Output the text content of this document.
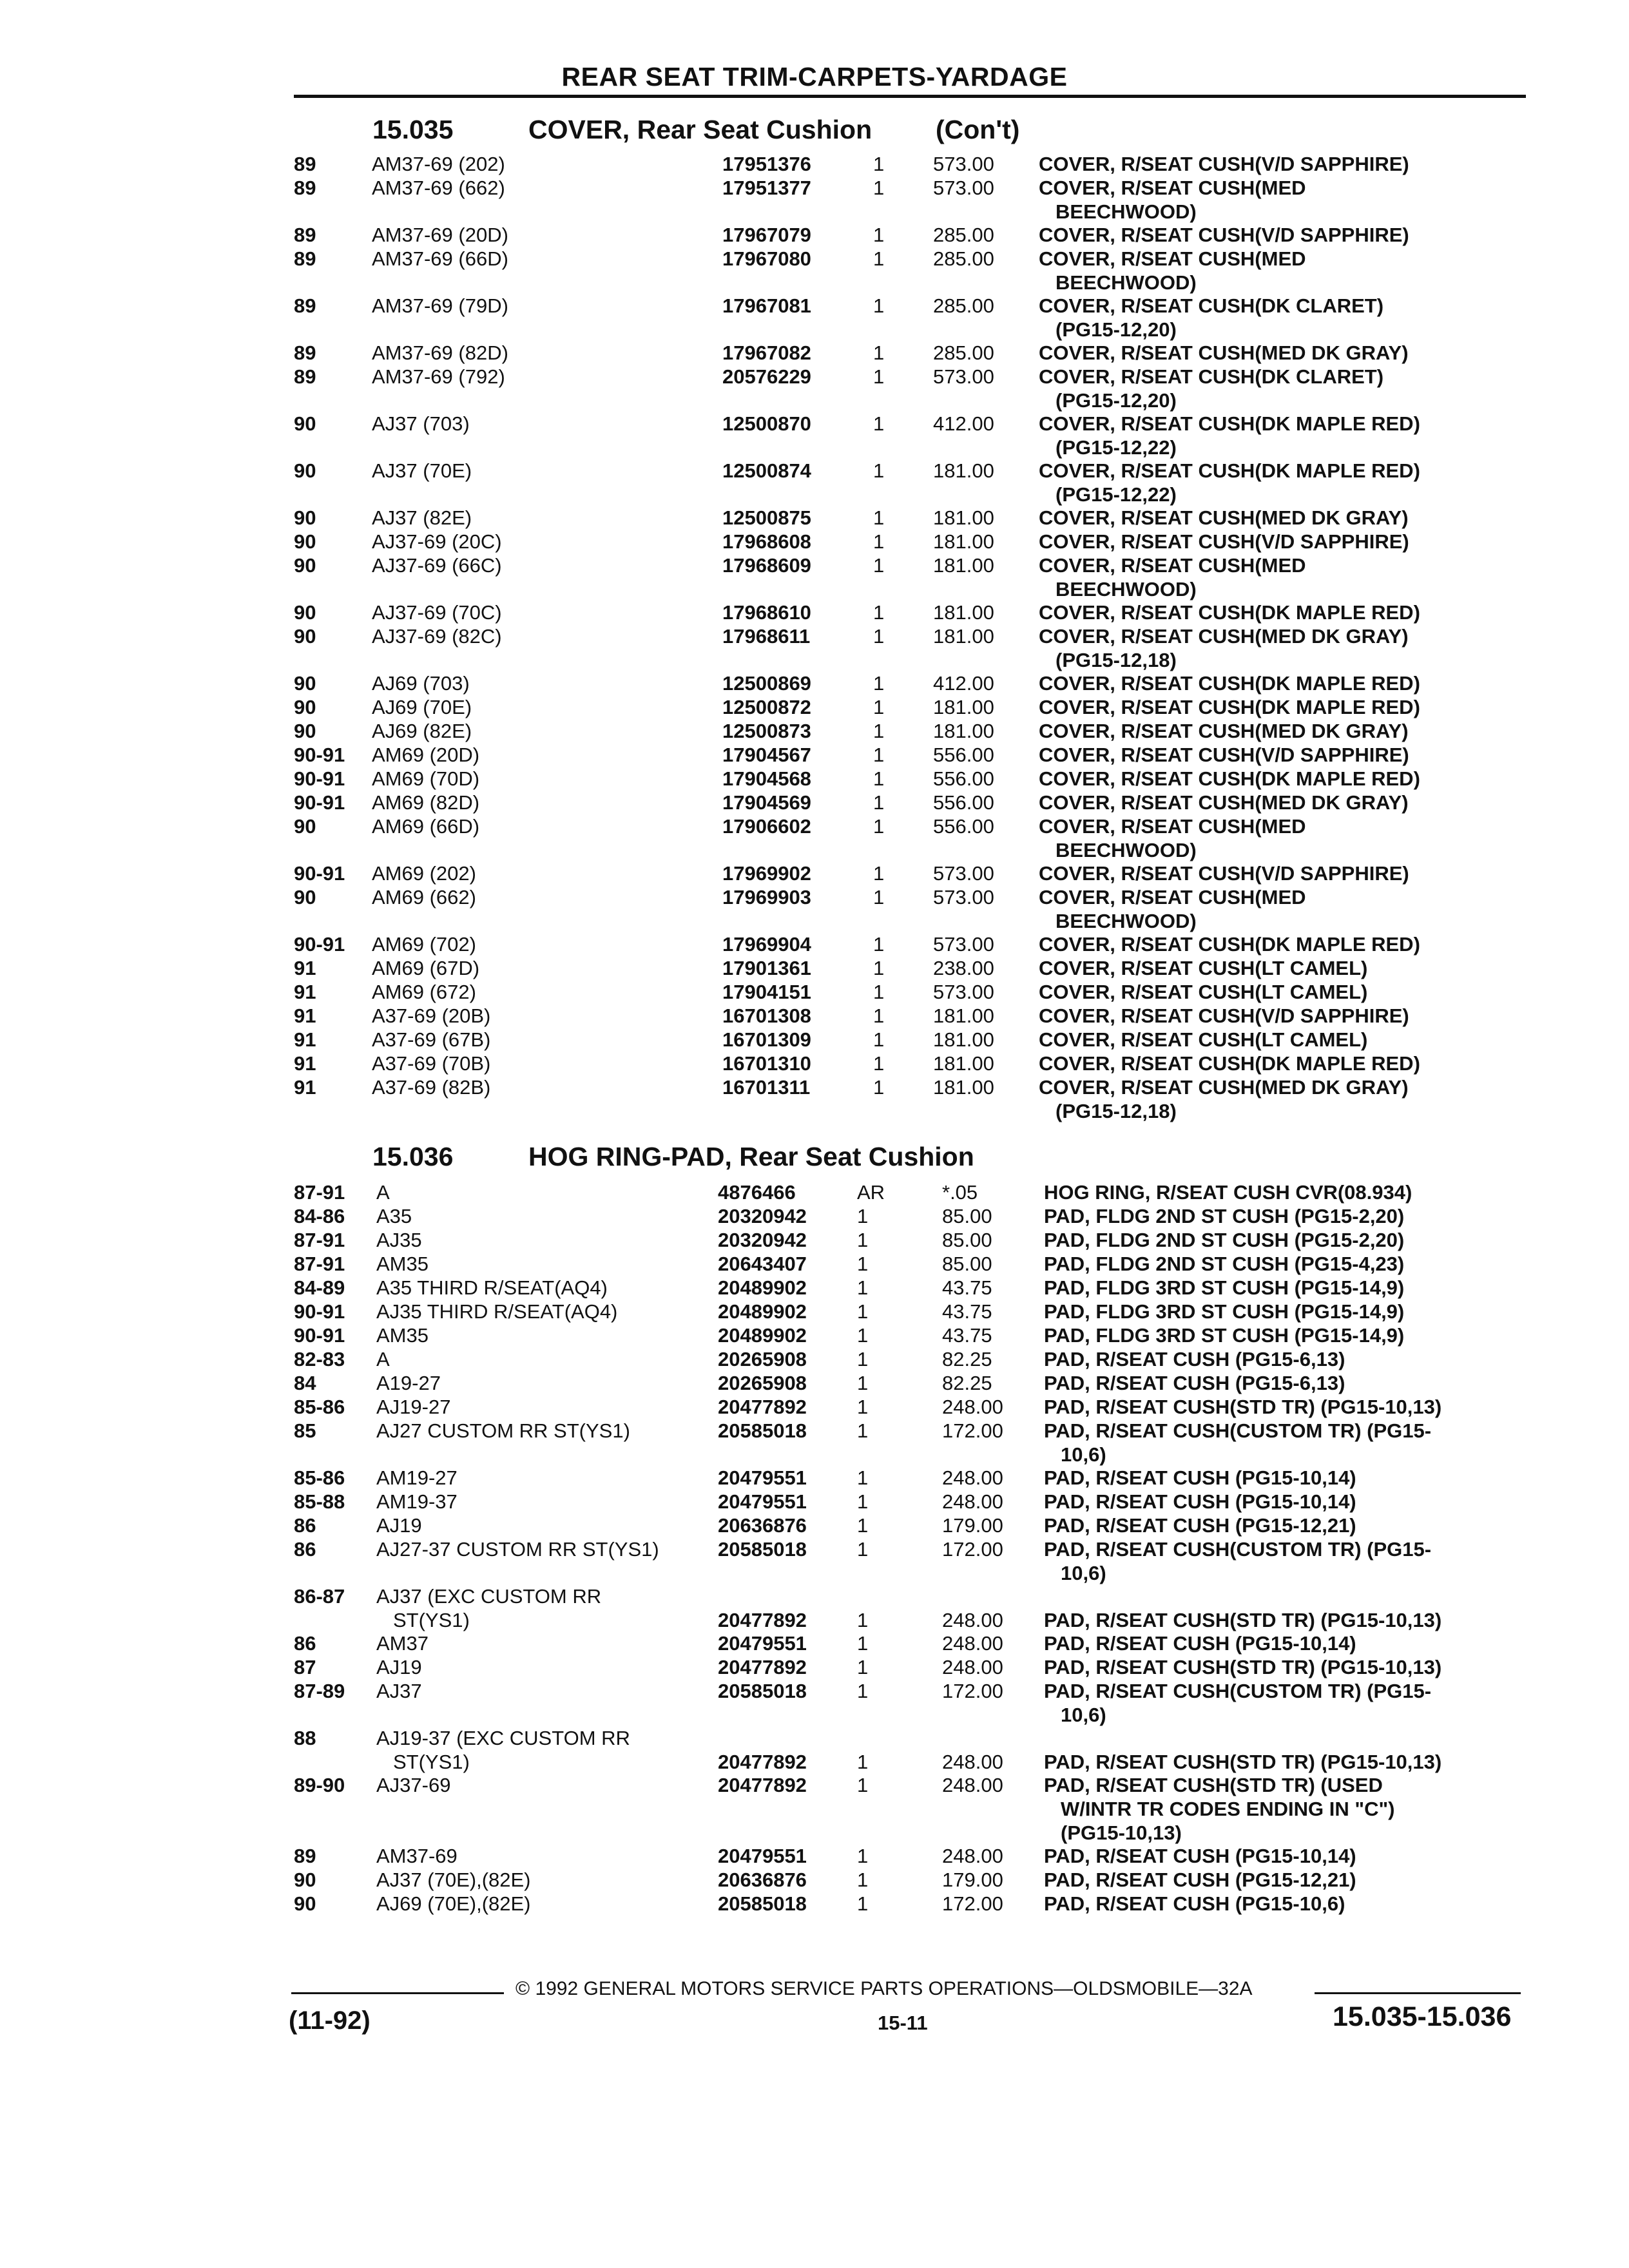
REAR SEAT TRIM-CARPETS-YARDAGE
15.035	COVER, Rear Seat Cushion (Con't)
89	AM37-69 (202)	17951376	1 573.00 COVER, R/SEAT CUSH(V/D SAPPHIRE)
89	AM37-69 (662)	17951377	1 573.00 COVER, R/SEAT CUSH(MED
BEECHWOOD)
89	AM37-69 (20D)	17967079	1 285.00 COVER, R/SEAT CUSH(V/D SAPPHIRE)
89	AM37-69 (66D)	17967080	1 285.00 COVER, R/SEAT CUSH(MED
BEECHWOOD)
89	AM37-69 (79D)	17967081	1 285.00 COVER, R/SEAT CUSH(DK CLARET)
(PG15-12,20)
89	AM37-69 (82D)	17967082	1 285.00 COVER, R/SEAT CUSH(MED DK GRAY)
89	AM37-69 (792)	20576229	1 573.00 COVER, R/SEAT CUSH(DK CLARET)
(PG15-12,20)
90	AJ37 (703)	12500870	1 412.00 COVER, R/SEAT CUSH(DK MAPLE RED)
(PG15-12,22)
90	AJ37 (70E)	12500874	1 181.00 COVER, R/SEAT CUSH(DK MAPLE RED)
(PG15-12,22)
90	AJ37 (82E)	12500875	1 181.00 COVER, R/SEAT CUSH(MED DK GRAY)
90	AJ37-69 (20C)	17968608	1 181.00 COVER, R/SEAT CUSH(V/D SAPPHIRE)
90	AJ37-69 (66C)	17968609	1 181.00 COVER, R/SEAT CUSH(MED
BEECHWOOD)
90	AJ37-69 (70C)	17968610	1 181.00 COVER, R/SEAT CUSH(DK MAPLE RED)
90	AJ37-69 (82C)	17968611	1 181.00 COVER, R/SEAT CUSH(MED DK GRAY)
(PG15-12,18)
90	AJ69 (703)	12500869	1 412.00 COVER, R/SEAT CUSH(DK MAPLE RED)
90	AJ69 (70E)	12500872	1 181.00 COVER, R/SEAT CUSH(DK MAPLE RED)
90	AJ69 (82E)	12500873	1 181.00 COVER, R/SEAT CUSH(MED DK GRAY)
90-91 AM69 (20D)	17904567	1 556.00 COVER, R/SEAT CUSH(V/D SAPPHIRE)
90-91 AM69 (70D)	17904568	1 556.00 COVER, R/SEAT CUSH(DK MAPLE RED)
90-91 AM69 (82D)	17904569	1 556.00 COVER, R/SEAT CUSH(MED DK GRAY)
90	AM69 (66D)	17906602	1 556.00 COVER, R/SEAT CUSH(MED
BEECHWOOD)
90-91 AM69 (202)	17969902	1 573.00 COVER, R/SEAT CUSH(V/D SAPPHIRE)
90	AM69 (662)	17969903	1 573.00 COVER, R/SEAT CUSH(MED
BEECHWOOD)
90-91 AM69 (702)	17969904	1 573.00 COVER, R/SEAT CUSH(DK MAPLE RED)
91	AM69 (67D)	17901361	1 238.00 COVER, R/SEAT CUSH(LT CAMEL)
91	AM69 (672)	17904151	1 573.00 COVER, R/SEAT CUSH(LT CAMEL)
91	A37-69 (20B)	16701308	1 181.00 COVER, R/SEAT CUSH(V/D SAPPHIRE)
91	A37-69 (67B)	16701309	1 181.00 COVER, R/SEAT CUSH(LT CAMEL)
91	A37-69 (70B)	16701310	1 181.00 COVER, R/SEAT CUSH(DK MAPLE RED)
91	A37-69 (82B)	16701311	1 181.00 COVER, R/SEAT CUSH(MED DK GRAY)
(PG15-12,18)
15.036	HOG RING-PAD, Rear Seat Cushion
87-91 A	4876466	AR	*.05	HOG RING, R/SEAT CUSH CVR(08.934)
84-86 A35	20320942	1	85.00	PAD, FLDG 2ND ST CUSH (PG15-2,20)
87-91 AJ35	20320942	1	85.00	PAD, FLDG 2ND ST CUSH (PG15-2,20)
87-91 AM35	20643407	1	85.00	PAD, FLDG 2ND ST CUSH (PG15-4,23)
84-89 A35 THIRD R/SEAT(AQ4)	20489902	1	43.75	PAD, FLDG 3RD ST CUSH (PG15-14,9)
90-91 AJ35 THIRD R/SEAT(AQ4)	20489902	1	43.75	PAD, FLDG 3RD ST CUSH (PG15-14,9)
90-91 AM35	20489902	1	43.75	PAD, FLDG 3RD ST CUSH (PG15-14,9)
82-83 A	20265908	1	82.25	PAD, R/SEAT CUSH (PG15-6,13)
84	A19-27	20265908	1	82.25	PAD, R/SEAT CUSH (PG15-6,13)
85-86 AJ19-27	20477892	1	248.00 PAD, R/SEAT CUSH(STD TR) (PG15-10,13)
85	AJ27 CUSTOM RR ST(YS1)	20585018	1	172.00 PAD, R/SEAT CUSH(CUSTOM TR) (PG15-
10,6)
85-86 AM19-27	20479551	1	248.00 PAD, R/SEAT CUSH (PG15-10,14)
85-88 AM19-37	20479551	1	248.00 PAD, R/SEAT CUSH (PG15-10,14)
86	AJ19	20636876	1	179.00 PAD, R/SEAT CUSH (PG15-12,21)
86	AJ27-37 CUSTOM RR ST(YS1)	20585018	1	172.00 PAD, R/SEAT CUSH(CUSTOM TR) (PG15-
10,6)
86-87 AJ37 (EXC CUSTOM RR
ST(YS1)	20477892	1	248.00 PAD, R/SEAT CUSH(STD TR) (PG15-10,13)
86	AM37	20479551	1	248.00 PAD, R/SEAT CUSH (PG15-10,14)
87	AJ19	20477892	1	248.00 PAD, R/SEAT CUSH(STD TR) (PG15-10,13)
87-89 AJ37	20585018	1	172.00 PAD, R/SEAT CUSH(CUSTOM TR) (PG15-
10,6)
88	AJ19-37 (EXC CUSTOM RR
ST(YS1)	20477892	1	248.00 PAD, R/SEAT CUSH(STD TR) (PG15-10,13)
89-90 AJ37-69	20477892	1	248.00 PAD, R/SEAT CUSH(STD TR) (USED
W/INTR TR CODES ENDING IN "C")
(PG15-10,13)
89	AM37-69	20479551	1	248.00 PAD, R/SEAT CUSH (PG15-10,14)
90	AJ37 (70E),(82E)	20636876	1	179.00 PAD, R/SEAT CUSH (PG15-12,21)
90	AJ69 (70E),(82E)	20585018	1	172.00 PAD, R/SEAT CUSH (PG15-10,6)
© 1992 GENERAL MOTORS SERVICE PARTS OPERATIONS—OLDSMOBILE—32A
(11-92)	15-11	15.035-15.036
